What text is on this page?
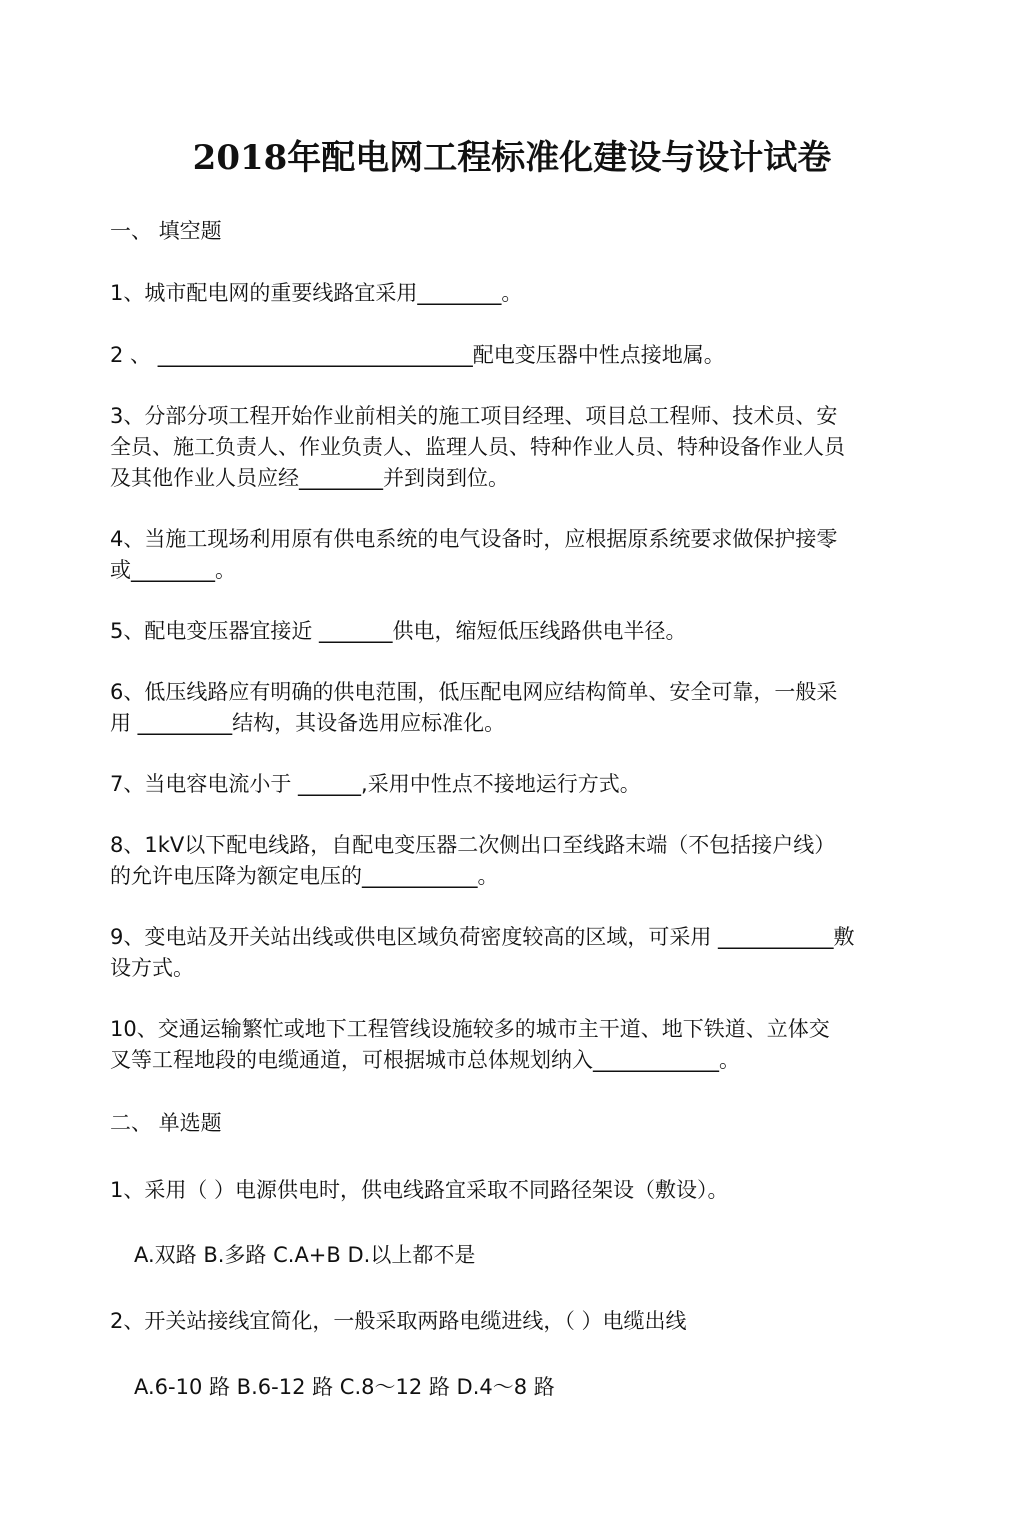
2018年配电网工程标准化建设与设计试卷
一、 填空题
1、城市配电网的重要线路宜采用________。
2 、 ______________________________配电变压器中性点接地属。
3、分部分项工程开始作业前相关的施工项目经理、项目总工程师、技术员、安
全员、施工负责人、作业负责人、监理人员、特种作业人员、特种设备作业人员
及其他作业人员应经________并到岗到位。
4、当施工现场利用原有供电系统的电气设备时，应根据原系统要求做保护接零
或________。
5、配电变压器宜接近 _______供电，缩短低压线路供电半径。
6、低压线路应有明确的供电范围，低压配电网应结构简单、安全可靠，一般采
用 _________结构，其设备选用应标准化。
7、当电容电流小于 ______,采用中性点不接地运行方式。
8、1kV以下配电线路，自配电变压器二次侧出口至线路末端（不包括接户线）
的允许电压降为额定电压的___________。
9、变电站及开关站出线或供电区域负荷密度较高的区域，可采用 ___________敷
设方式。
10、交通运输繁忙或地下工程管线设施较多的城市主干道、地下铁道、立体交
叉等工程地段的电缆通道，可根据城市总体规划纳入____________。
二、 单选题
1、采用（ ）电源供电时，供电线路宜采取不同路径架设（敷设）。
A.双路 B.多路 C.A+B D.以上都不是
2、开关站接线宜简化，一般采取两路电缆进线，（ ）电缆出线
A.6-10 路 B.6-12 路 C.8～12 路 D.4～8 路
